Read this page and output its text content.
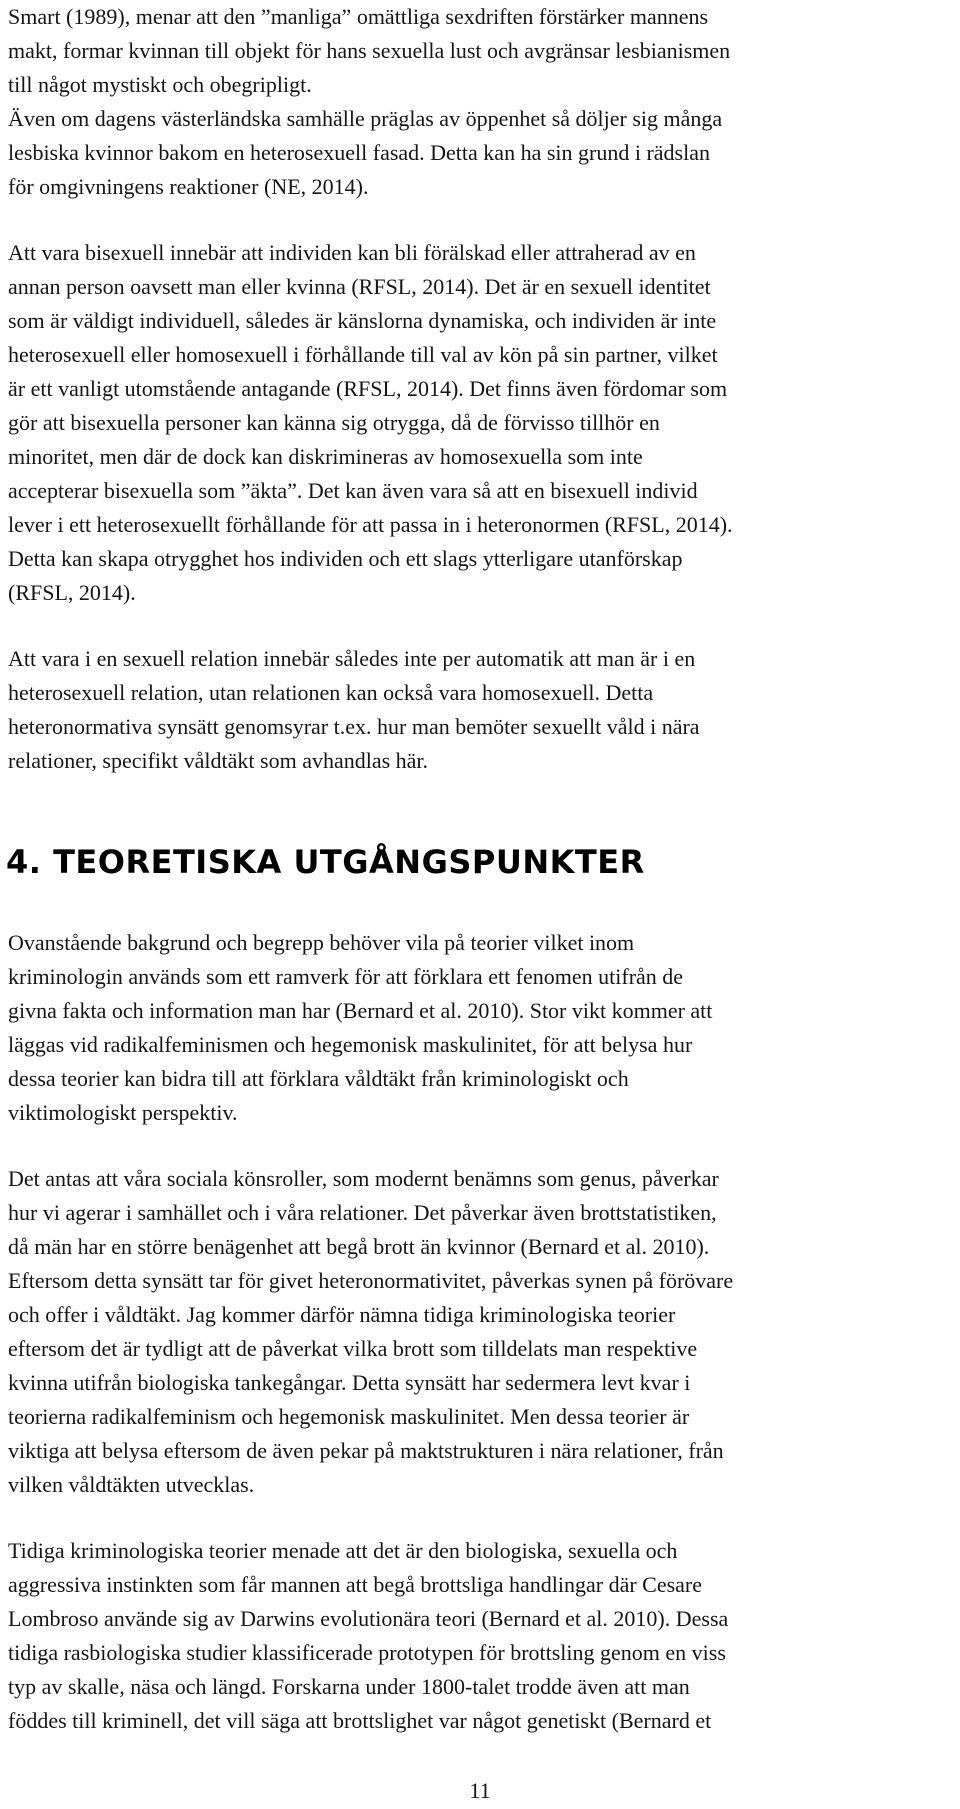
Smart (1989), menar att den ”manliga” omättliga sexdriften förstärker mannens
makt, formar kvinnan till objekt för hans sexuella lust och avgränsar lesbianismen
till något mystiskt och obegripligt.
Även om dagens västerländska samhälle präglas av öppenhet så döljer sig många
lesbiska kvinnor bakom en heterosexuell fasad. Detta kan ha sin grund i rädslan
för omgivningens reaktioner (NE, 2014).

Att vara bisexuell innebär att individen kan bli förälskad eller attraherad av en
annan person oavsett man eller kvinna (RFSL, 2014). Det är en sexuell identitet
som är väldigt individuell, således är känslorna dynamiska, och individen är inte
heterosexuell eller homosexuell i förhållande till val av kön på sin partner, vilket
är ett vanligt utomstående antagande (RFSL, 2014). Det finns även fördomar som
gör att bisexuella personer kan känna sig otrygga, då de förvisso tillhör en
minoritet, men där de dock kan diskrimineras av homosexuella som inte
accepterar bisexuella som ”äkta”. Det kan även vara så att en bisexuell individ
lever i ett heterosexuellt förhållande för att passa in i heteronormen (RFSL, 2014).
Detta kan skapa otrygghet hos individen och ett slags ytterligare utanförskap
(RFSL, 2014).

Att vara i en sexuell relation innebär således inte per automatik att man är i en
heterosexuell relation, utan relationen kan också vara homosexuell. Detta
heteronormativa synsätt genomsyrar t.ex. hur man bemöter sexuellt våld i nära
relationer, specifikt våldtäkt som avhandlas här.

4. TEORETISKA UTGÅNGSPUNKTER

Ovanstående bakgrund och begrepp behöver vila på teorier vilket inom
kriminologin används som ett ramverk för att förklara ett fenomen utifrån de
givna fakta och information man har (Bernard et al. 2010). Stor vikt kommer att
läggas vid radikalfeminismen och hegemonisk maskulinitet, för att belysa hur
dessa teorier kan bidra till att förklara våldtäkt från kriminologiskt och
viktimologiskt perspektiv.

Det antas att våra sociala könsroller, som modernt benämns som genus, påverkar
hur vi agerar i samhället och i våra relationer. Det påverkar även brottstatistiken,
då män har en större benägenhet att begå brott än kvinnor (Bernard et al. 2010).
Eftersom detta synsätt tar för givet heteronormativitet, påverkas synen på förövare
och offer i våldtäkt. Jag kommer därför nämna tidiga kriminologiska teorier
eftersom det är tydligt att de påverkat vilka brott som tilldelats man respektive
kvinna utifrån biologiska tankegångar. Detta synsätt har sedermera levt kvar i
teorierna radikalfeminism och hegemonisk maskulinitet. Men dessa teorier är
viktiga att belysa eftersom de även pekar på maktstrukturen i nära relationer, från
vilken våldtäkten utvecklas.

Tidiga kriminologiska teorier menade att det är den biologiska, sexuella och
aggressiva instinkten som får mannen att begå brottsliga handlingar där Cesare
Lombroso använde sig av Darwins evolutionära teori (Bernard et al. 2010). Dessa
tidiga rasbiologiska studier klassificerade prototypen för brottsling genom en viss
typ av skalle, näsa och längd. Forskarna under 1800-talet trodde även att man
föddes till kriminell, det vill säga att brottslighet var något genetiskt (Bernard et

11
